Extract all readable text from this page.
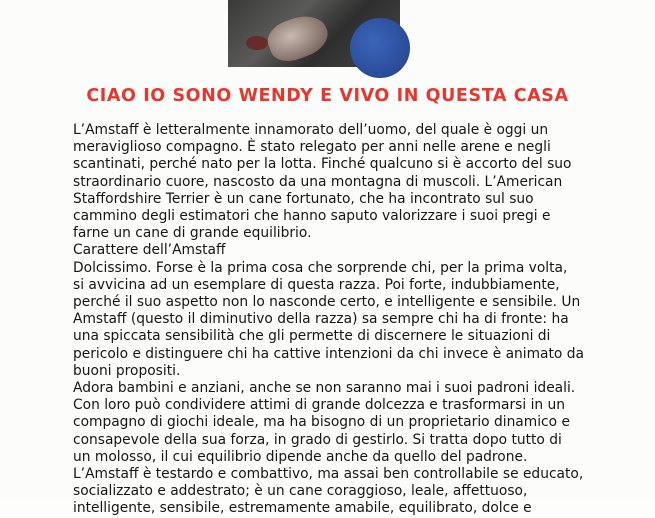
CIAO IO SONO WENDY E VIVO IN QUESTA CASA
L’Amstaff è letteralmente innamorato dell’uomo, del quale è oggi un
meraviglioso compagno. È stato relegato per anni nelle arene e negli
scantinati, perché nato per la lotta. Finché qualcuno si è accorto del suo
straordinario cuore, nascosto da una montagna di muscoli. L’American
Staffordshire Terrier è un cane fortunato, che ha incontrato sul suo
cammino degli estimatori che hanno saputo valorizzare i suoi pregi e
farne un cane di grande equilibrio.
Carattere dell’Amstaff
Dolcissimo. Forse è la prima cosa che sorprende chi, per la prima volta,
si avvicina ad un esemplare di questa razza. Poi forte, indubbiamente,
perché il suo aspetto non lo nasconde certo, e intelligente e sensibile. Un
Amstaff (questo il diminutivo della razza) sa sempre chi ha di fronte: ha
una spiccata sensibilità che gli permette di discernere le situazioni di
pericolo e distinguere chi ha cattive intenzioni da chi invece è animato da
buoni propositi.
Adora bambini e anziani, anche se non saranno mai i suoi padroni ideali.
Con loro può condividere attimi di grande dolcezza e trasformarsi in un
compagno di giochi ideale, ma ha bisogno di un proprietario dinamico e
consapevole della sua forza, in grado di gestirlo. Si tratta dopo tutto di
un molosso, il cui equilibrio dipende anche da quello del padrone.
L’Amstaff è testardo e combattivo, ma assai ben controllabile se educato,
socializzato e addestrato; è un cane coraggioso, leale, affettuoso,
intelligente, sensibile, estremamente amabile, equilibrato, dolce e
